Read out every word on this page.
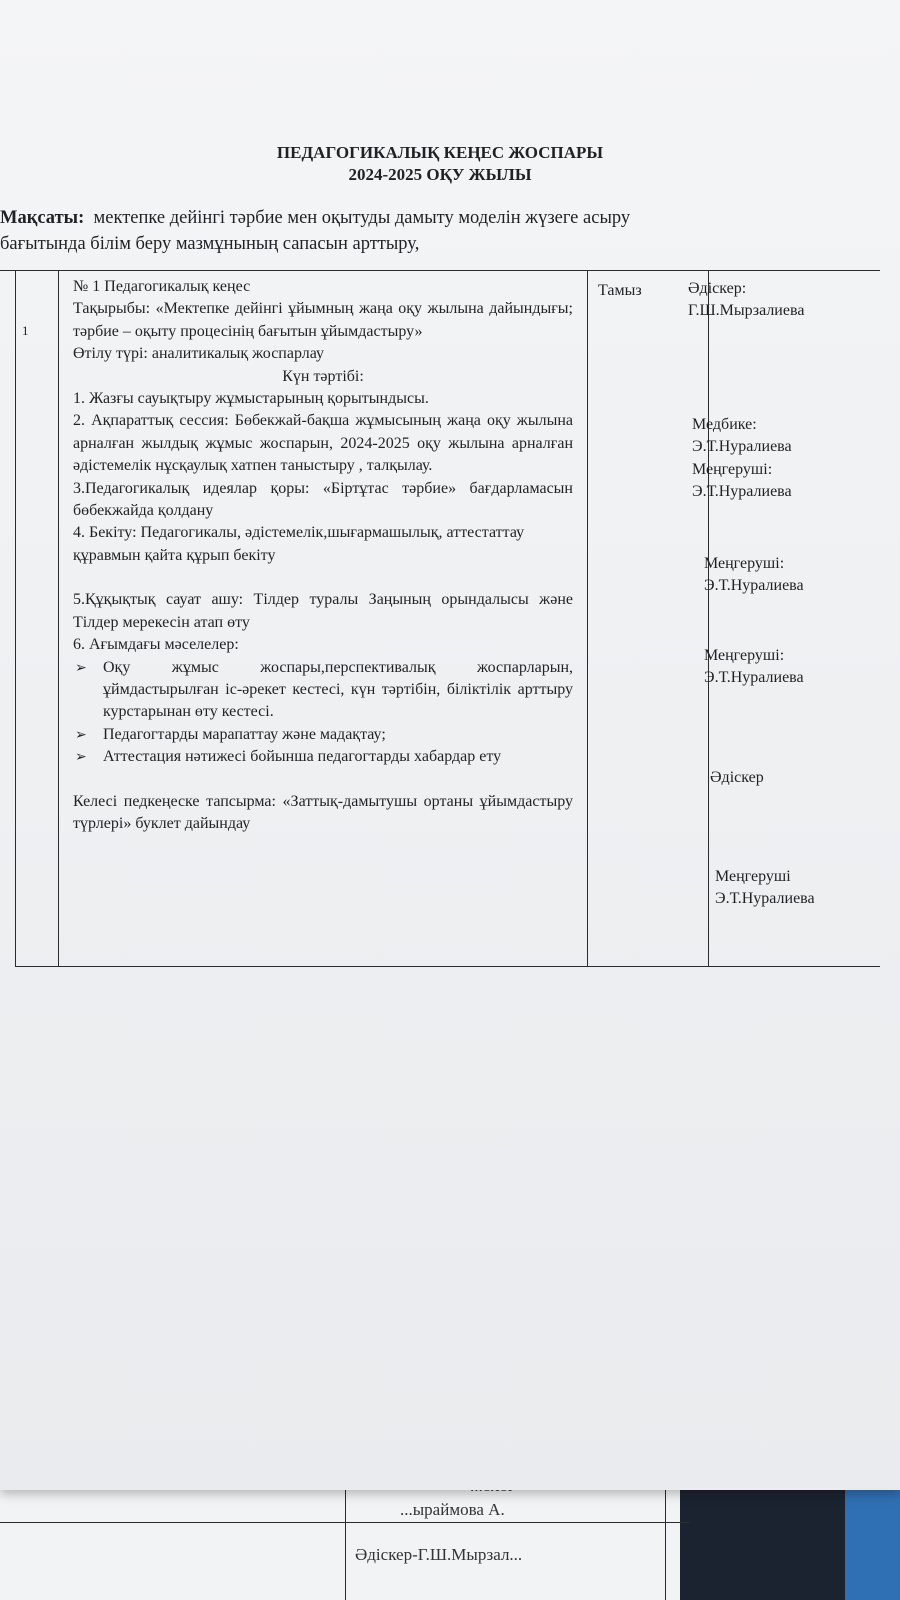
...ыраймова А.
Әдіскер-Г.Ш.Мырзал...
ПЕДАГОГИКАЛЫҚ КЕҢЕС ЖОСПАРЫ
2024-2025 ОҚУ ЖЫЛЫ
Мақсаты: мектепке дейінгі тәрбие мен оқытуды дамыту моделін жүзеге асыру
бағытында білім беру мазмұнының сапасын арттыру,
1
Тамыз

№ 1 Педагогикалық кеңес

Тақырыбы: «Мектепке дейінгі ұйымның жаңа оқу жылына дайындығы; тәрбие – оқыту процесінің бағытын ұйымдастыру»

Өтілу түрі: аналитикалық жоспарлау

Күн тәртібі:

1. Жазғы сауықтыру жұмыстарының қорытындысы.

2. Ақпараттық сессия: Бөбекжай-бақша жұмысының жаңа оқу жылына арналған жылдық жұмыс жоспарын, 2024-2025 оқу жылына арналған әдістемелік нұсқаулық хатпен таныстыру , талқылау.

3.Педагогикалық идеялар қоры: «Біртұтас тәрбие» бағдарламасын бөбекжайда қолдану

4. Бекіту: Педагогикалы, әдістемелік,шығармашылық, аттестаттау құравмын қайта құрып бекіту

5.Құқықтық сауат ашу: Тілдер туралы Заңының орындалысы және Тілдер мерекесін атап өту

6. Ағымдағы мәселелер:

➢ Оқу жұмыс жоспары,перспективалық жоспарларын, ұймдастырылған іс-әрекет кестесі, күн тәртібін, біліктілік арттыру курстарынан өту кестесі.
➢ Педагогтарды марапаттау және мадақтау;
➢ Аттестация нәтижесі бойынша педагогтарды хабардар ету

Келесі педкеңеске тапсырма: «Заттық-дамытушы ортаны ұйымдастыру түрлері» буклет дайындау

Әдіскер:
Г.Ш.Мырзалиева
Медбике:
Э.Т.Нуралиева
Меңгеруші:
Э.Т.Нуралиева
Меңгеруші:
Э.Т.Нуралиева
Меңгеруші:
Э.Т.Нуралиева
Әдіскер
Меңгеруші
Э.Т.Нуралиева
